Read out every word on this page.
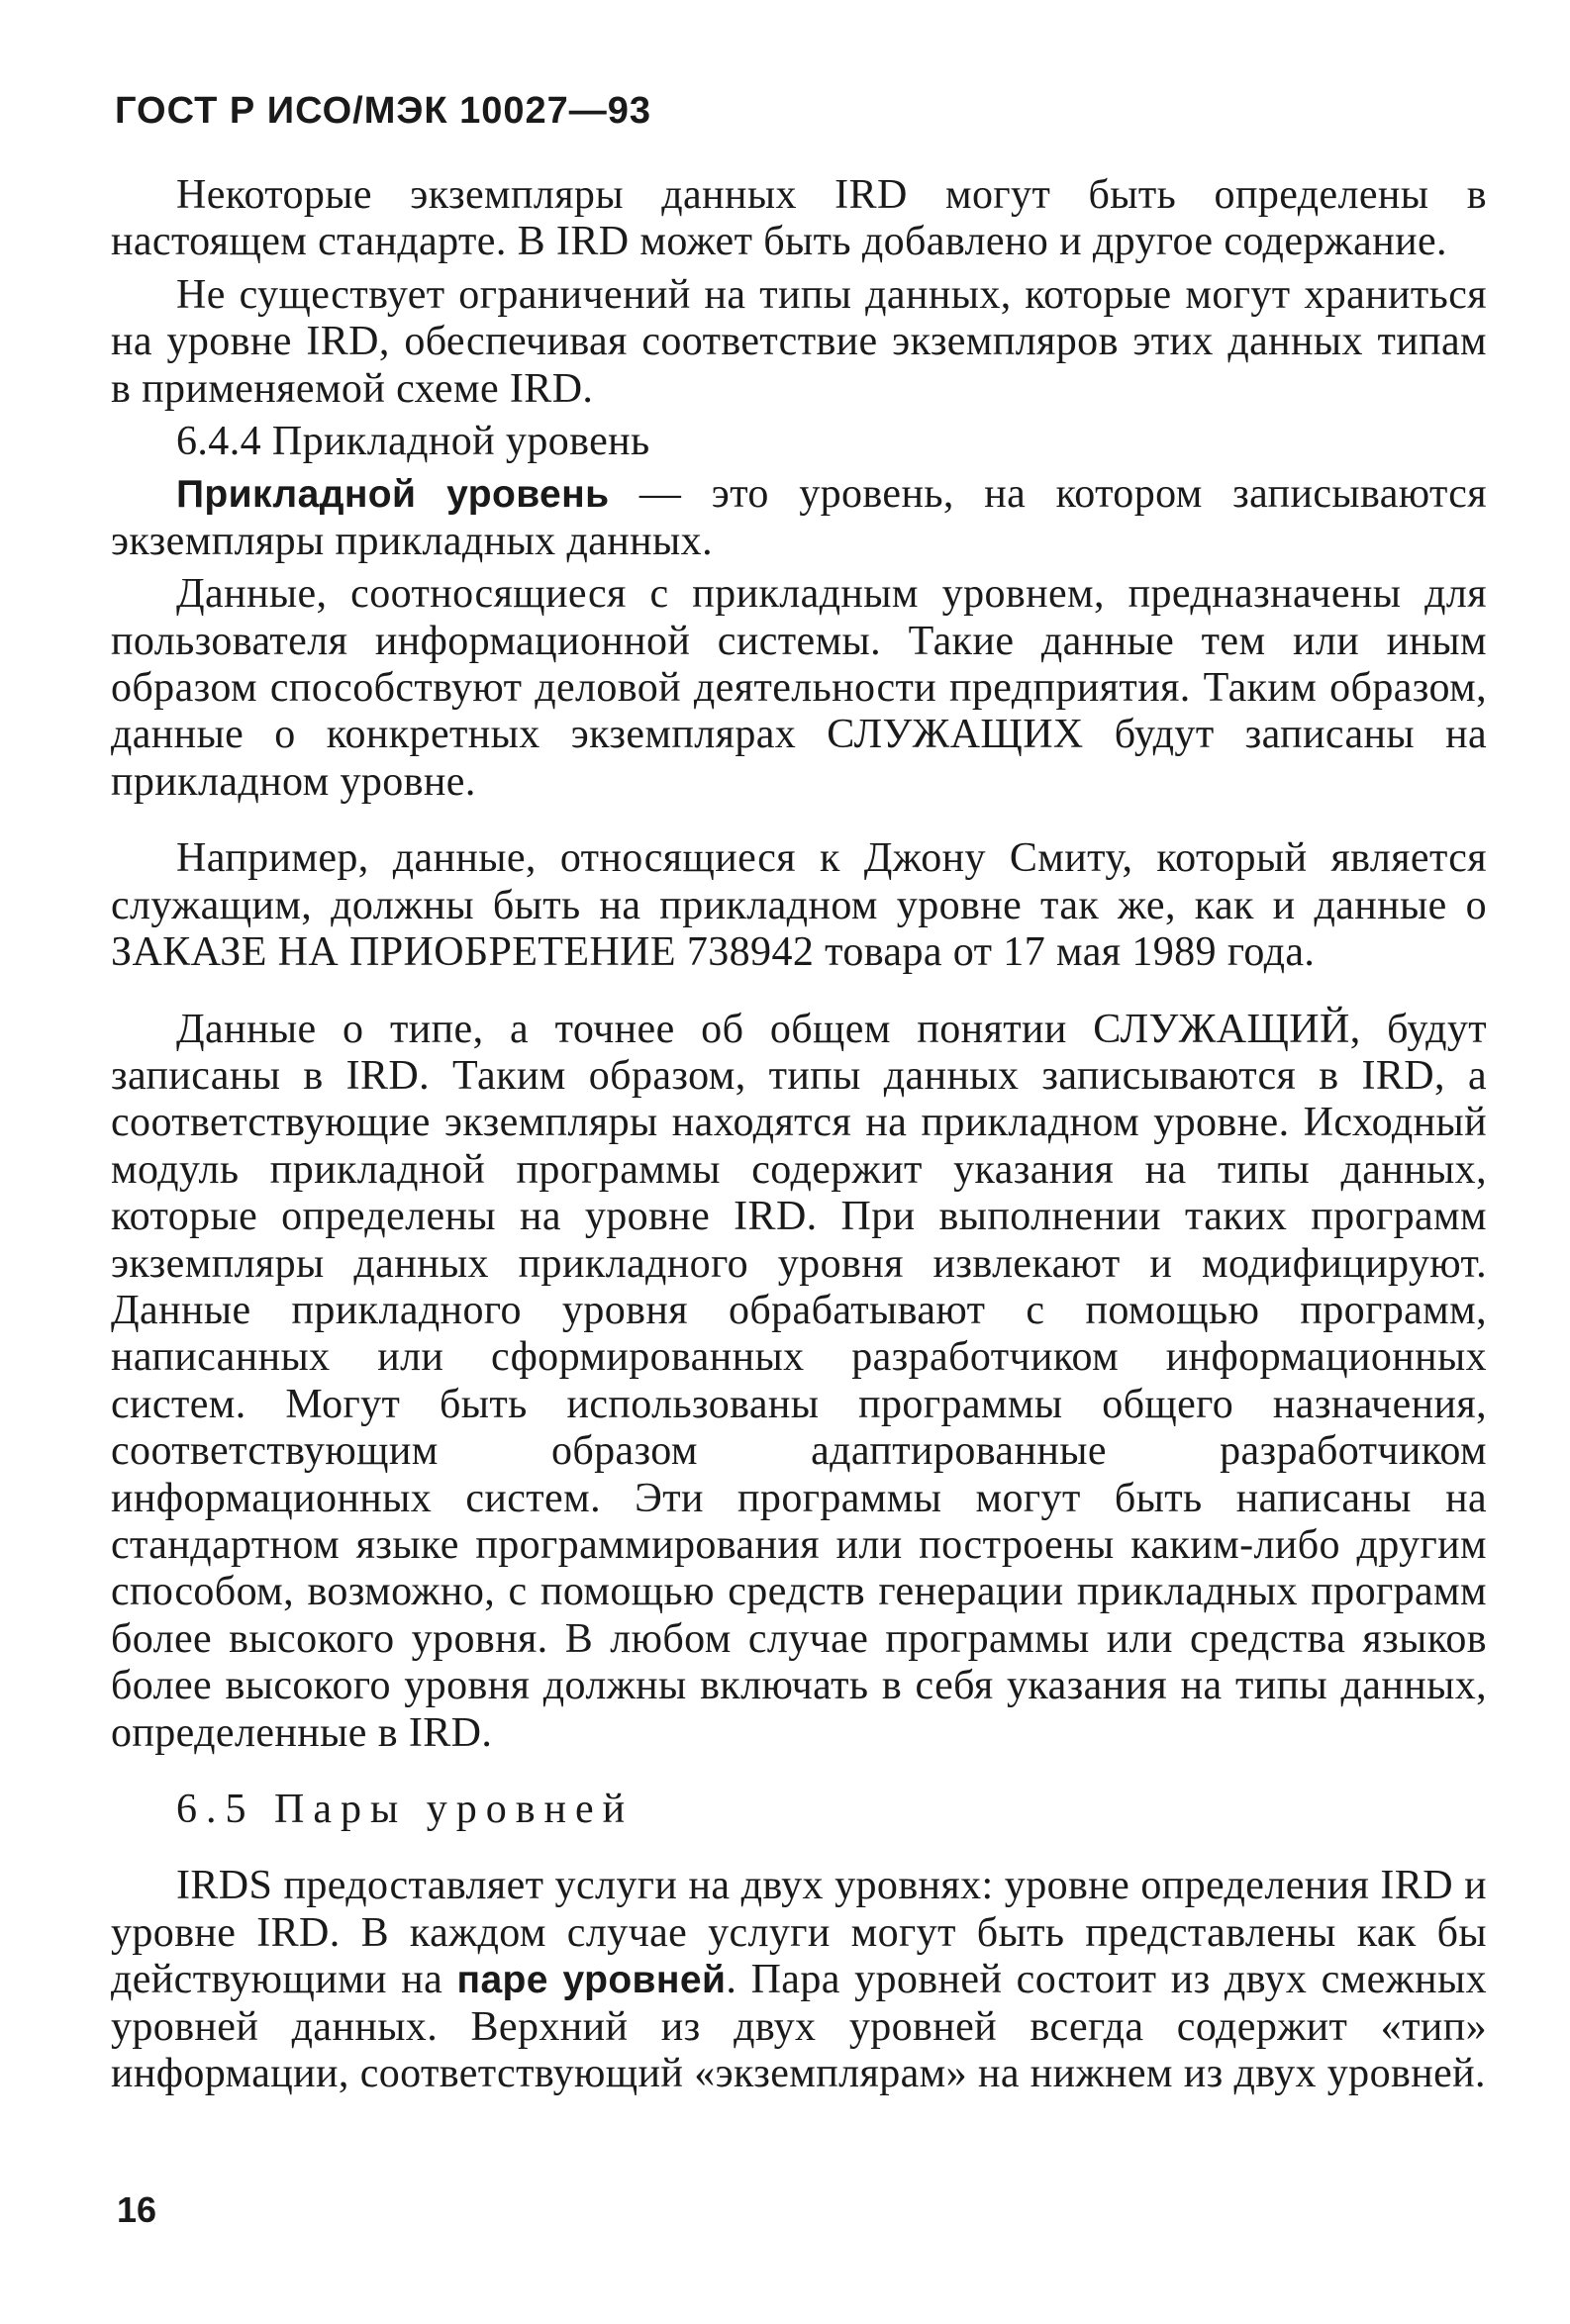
ГОСТ Р ИСО/МЭК 10027—93

Некоторые экземпляры данных IRD могут быть определены в настоящем стандарте. В IRD может быть добавлено и другое содержание.

Не существует ограничений на типы данных, которые могут храниться на уровне IRD, обеспечивая соответствие экземпляров этих данных типам в применяемой схеме IRD.

6.4.4 Прикладной уровень

Прикладной уровень — это уровень, на котором записываются экземпляры прикладных данных.

Данные, соотносящиеся с прикладным уровнем, предназначены для пользователя информационной системы. Такие данные тем или иным образом способствуют деловой деятельности предприятия. Таким образом, данные о конкретных экземплярах СЛУЖАЩИХ будут записаны на прикладном уровне.

Например, данные, относящиеся к Джону Смиту, который является служащим, должны быть на прикладном уровне так же, как и данные о ЗАКАЗЕ НА ПРИОБРЕТЕНИЕ 738942 товара от 17 мая 1989 года.

Данные о типе, а точнее об общем понятии СЛУЖАЩИЙ, будут записаны в IRD. Таким образом, типы данных записываются в IRD, а соответствующие экземпляры находятся на прикладном уровне. Исходный модуль прикладной программы содержит указания на типы данных, которые определены на уровне IRD. При выполнении таких программ экземпляры данных прикладного уровня извлекают и модифицируют. Данные прикладного уровня обрабатывают с помощью программ, написанных или сформированных разработчиком информационных систем. Могут быть использованы программы общего назначения, соответствующим образом адаптированные разработчиком информационных систем. Эти программы могут быть написаны на стандартном языке программирования или построены каким-либо другим способом, возможно, с помощью средств генерации прикладных программ более высокого уровня. В любом случае программы или средства языков более высокого уровня должны включать в себя указания на типы данных, определенные в IRD.

6.5 Пары уровней

IRDS предоставляет услуги на двух уровнях: уровне определения IRD и уровне IRD. В каждом случае услуги могут быть представлены как бы действующими на паре уровней. Пара уровней состоит из двух смежных уровней данных. Верхний из двух уровней всегда содержит «тип» информации, соответствующий «экземплярам» на нижнем из двух уровней.

16
